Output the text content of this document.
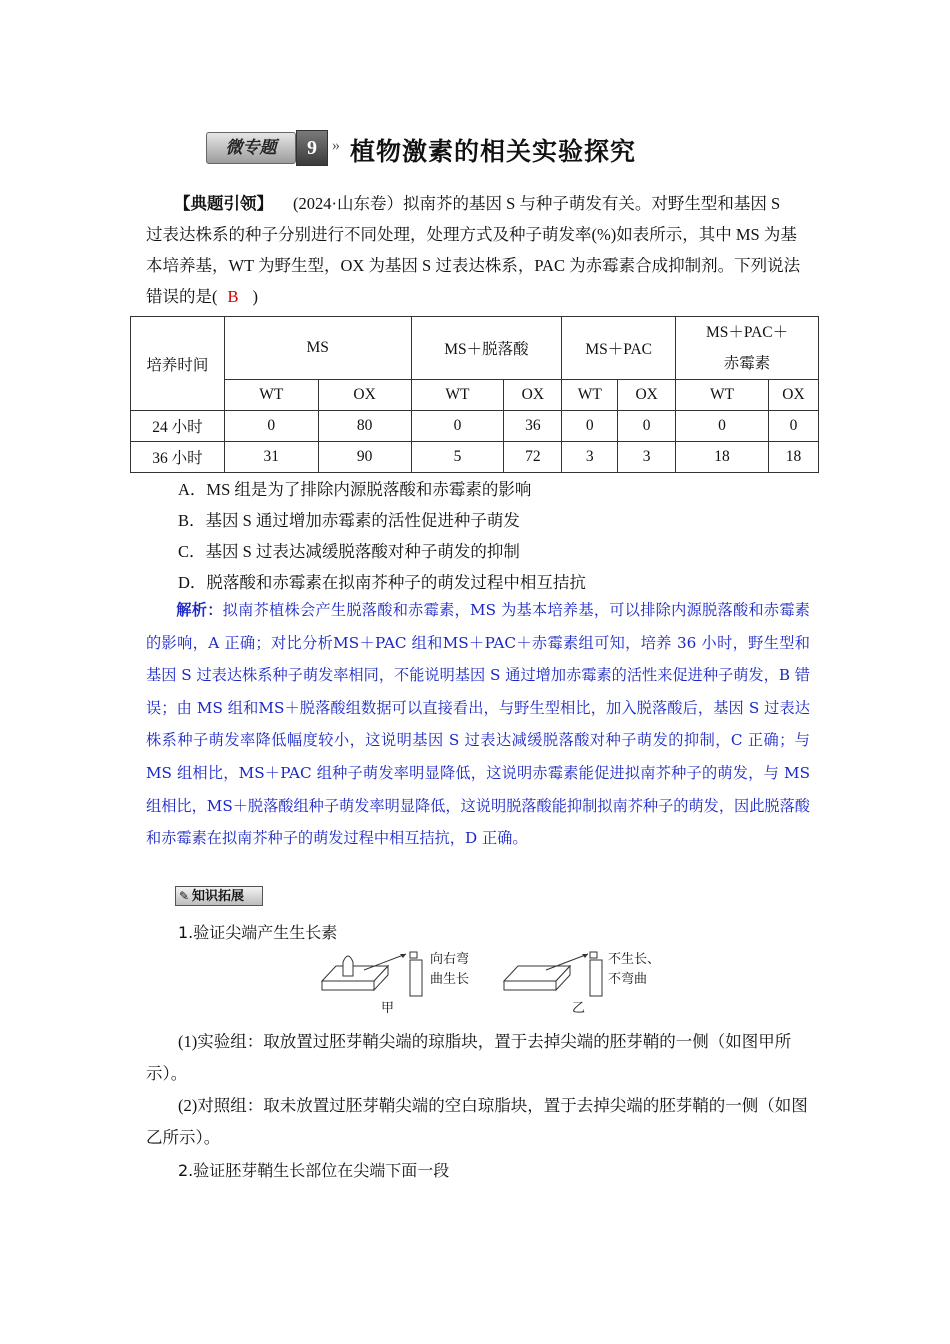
微专题	9 » 植物激素的相关实验探究
【典题引领】 (2024·山东卷）拟南芥的基因 S 与种子萌发有关。对野生型和基因 S
过表达株系的种子分别进行不同处理，处理方式及种子萌发率(%)如表所示，其中 MS 为基
本培养基，WT 为野生型，OX 为基因 S 过表达株系，PAC 为赤霉素合成抑制剂。下列说法
错误的是( B )
培养时间	MS		MS＋脱落酸		MS＋PAC		MS＋PAC＋
赤霉素	

	WT	OX	WT	OX	WT	OX	WT	OX
24 小时	0	80	0	36	0	0	0	0
36 小时	31	90	5	72	3	3	18	18
A．MS 组是为了排除内源脱落酸和赤霉素的影响
B．基因 S 通过增加赤霉素的活性促进种子萌发
C．基因 S 过表达减缓脱落酸对种子萌发的抑制
D．脱落酸和赤霉素在拟南芥种子的萌发过程中相互拮抗
解析：拟南芥植株会产生脱落酸和赤霉素，MS 为基本培养基，可以排除内源脱落酸和赤霉素的影响，A 正确；对比分析MS＋PAC 组和MS＋PAC＋赤霉素组可知，培养 36 小时，野生型和基因 S 过表达株系种子萌发率相同，不能说明基因 S 通过增加赤霉素的活性来促进种子萌发，B 错误；由 MS 组和MS＋脱落酸组数据可以直接看出，与野生型相比，加入脱落酸后，基因 S 过表达株系种子萌发率降低幅度较小，这说明基因 S 过表达减缓脱落酸对种子萌发的抑制，C 正确；与 MS 组相比，MS＋PAC 组种子萌发率明显降低，这说明赤霉素能促进拟南芥种子的萌发，与 MS 组相比，MS＋脱落酸组种子萌发率明显降低，这说明脱落酸能抑制拟南芥种子的萌发，因此脱落酸和赤霉素在拟南芥种子的萌发过程中相互拮抗，D 正确。
✎ 知识拓展
1.验证尖端产生生长素
向右弯
曲生长
甲
不生长、
不弯曲
乙
(1)实验组：取放置过胚芽鞘尖端的琼脂块，置于去掉尖端的胚芽鞘的一侧（如图甲所示）。
(2)对照组：取未放置过胚芽鞘尖端的空白琼脂块，置于去掉尖端的胚芽鞘的一侧（如图乙所示）。
2.验证胚芽鞘生长部位在尖端下面一段
